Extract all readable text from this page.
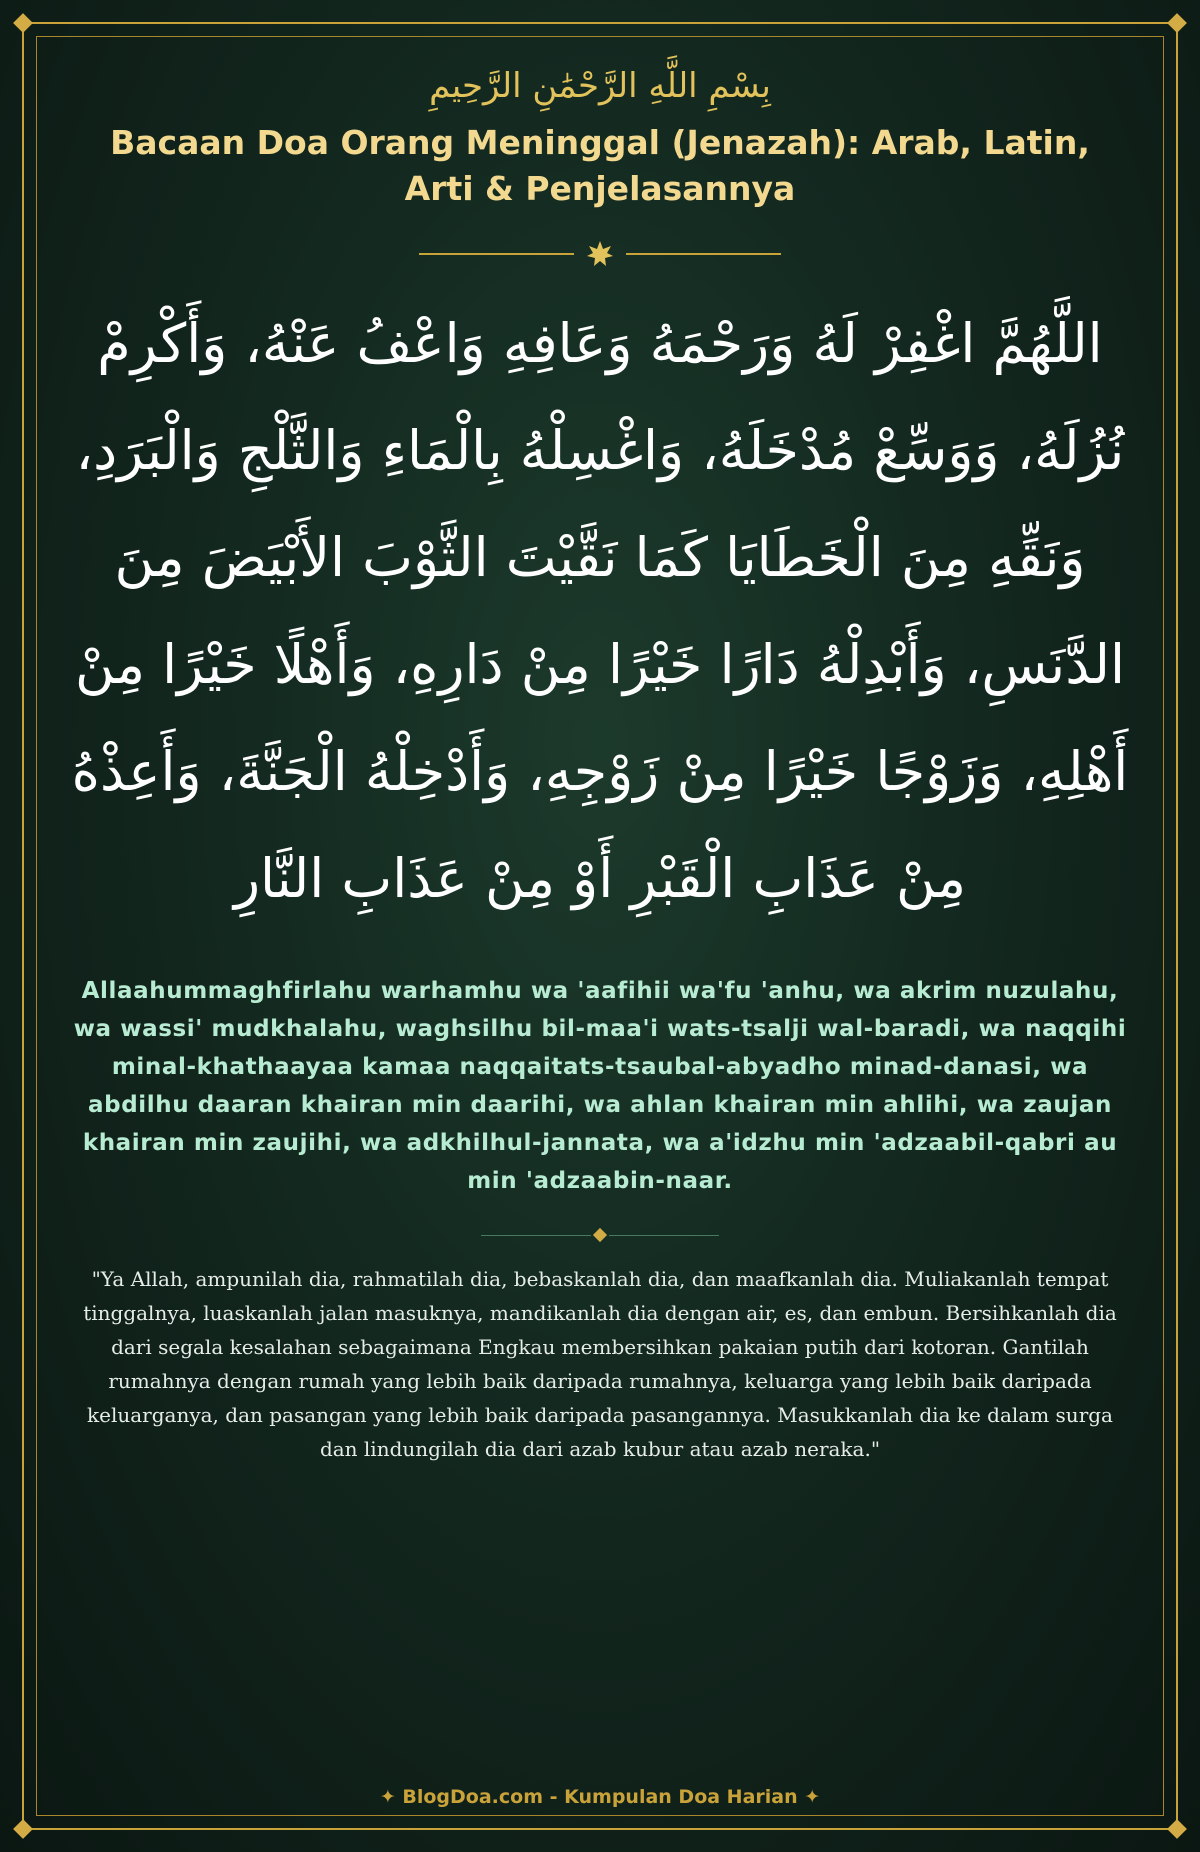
بِسْمِ اللَّهِ الرَّحْمَٰنِ الرَّحِيمِ
Bacaan Doa Orang Meninggal (Jenazah): Arab, Latin, Arti & Penjelasannya
اللَّهُمَّ اغْفِرْ لَهُ وَرَحْمَهُ وَعَافِهِ وَاعْفُ عَنْهُ، وَأَكْرِمْ نُزُلَهُ، وَوَسِّعْ مُدْخَلَهُ، وَاغْسِلْهُ بِالْمَاءِ وَالثَّلْجِ وَالْبَرَدِ، وَنَقِّهِ مِنَ الْخَطَايَا كَمَا نَقَّيْتَ الثَّوْبَ الأَبْيَضَ مِنَ الدَّنَسِ، وَأَبْدِلْهُ دَارًا خَيْرًا مِنْ دَارِهِ، وَأَهْلًا خَيْرًا مِنْ أَهْلِهِ، وَزَوْجًا خَيْرًا مِنْ زَوْجِهِ، وَأَدْخِلْهُ الْجَنَّةَ، وَأَعِذْهُ مِنْ عَذَابِ الْقَبْرِ أَوْ مِنْ عَذَابِ النَّارِ
Allaahummaghfirlahu warhamhu wa 'aafihii wa'fu 'anhu, wa akrim nuzulahu, wa wassi' mudkhalahu, waghsilhu bil-maa'i wats-tsalji wal-baradi, wa naqqihi minal-khathaayaa kamaa naqqaitats-tsaubal-abyadho minad-danasi, wa abdilhu daaran khairan min daarihi, wa ahlan khairan min ahlihi, wa zaujan khairan min zaujihi, wa adkhilhul-jannata, wa a'idzhu min 'adzaabil-qabri au min 'adzaabin-naar.
"Ya Allah, ampunilah dia, rahmatilah dia, bebaskanlah dia, dan maafkanlah dia. Muliakanlah tempat tinggalnya, luaskanlah jalan masuknya, mandikanlah dia dengan air, es, dan embun. Bersihkanlah dia dari segala kesalahan sebagaimana Engkau membersihkan pakaian putih dari kotoran. Gantilah rumahnya dengan rumah yang lebih baik daripada rumahnya, keluarga yang lebih baik daripada keluarganya, dan pasangan yang lebih baik daripada pasangannya. Masukkanlah dia ke dalam surga dan lindungilah dia dari azab kubur atau azab neraka."
✦ BlogDoa.com - Kumpulan Doa Harian ✦
